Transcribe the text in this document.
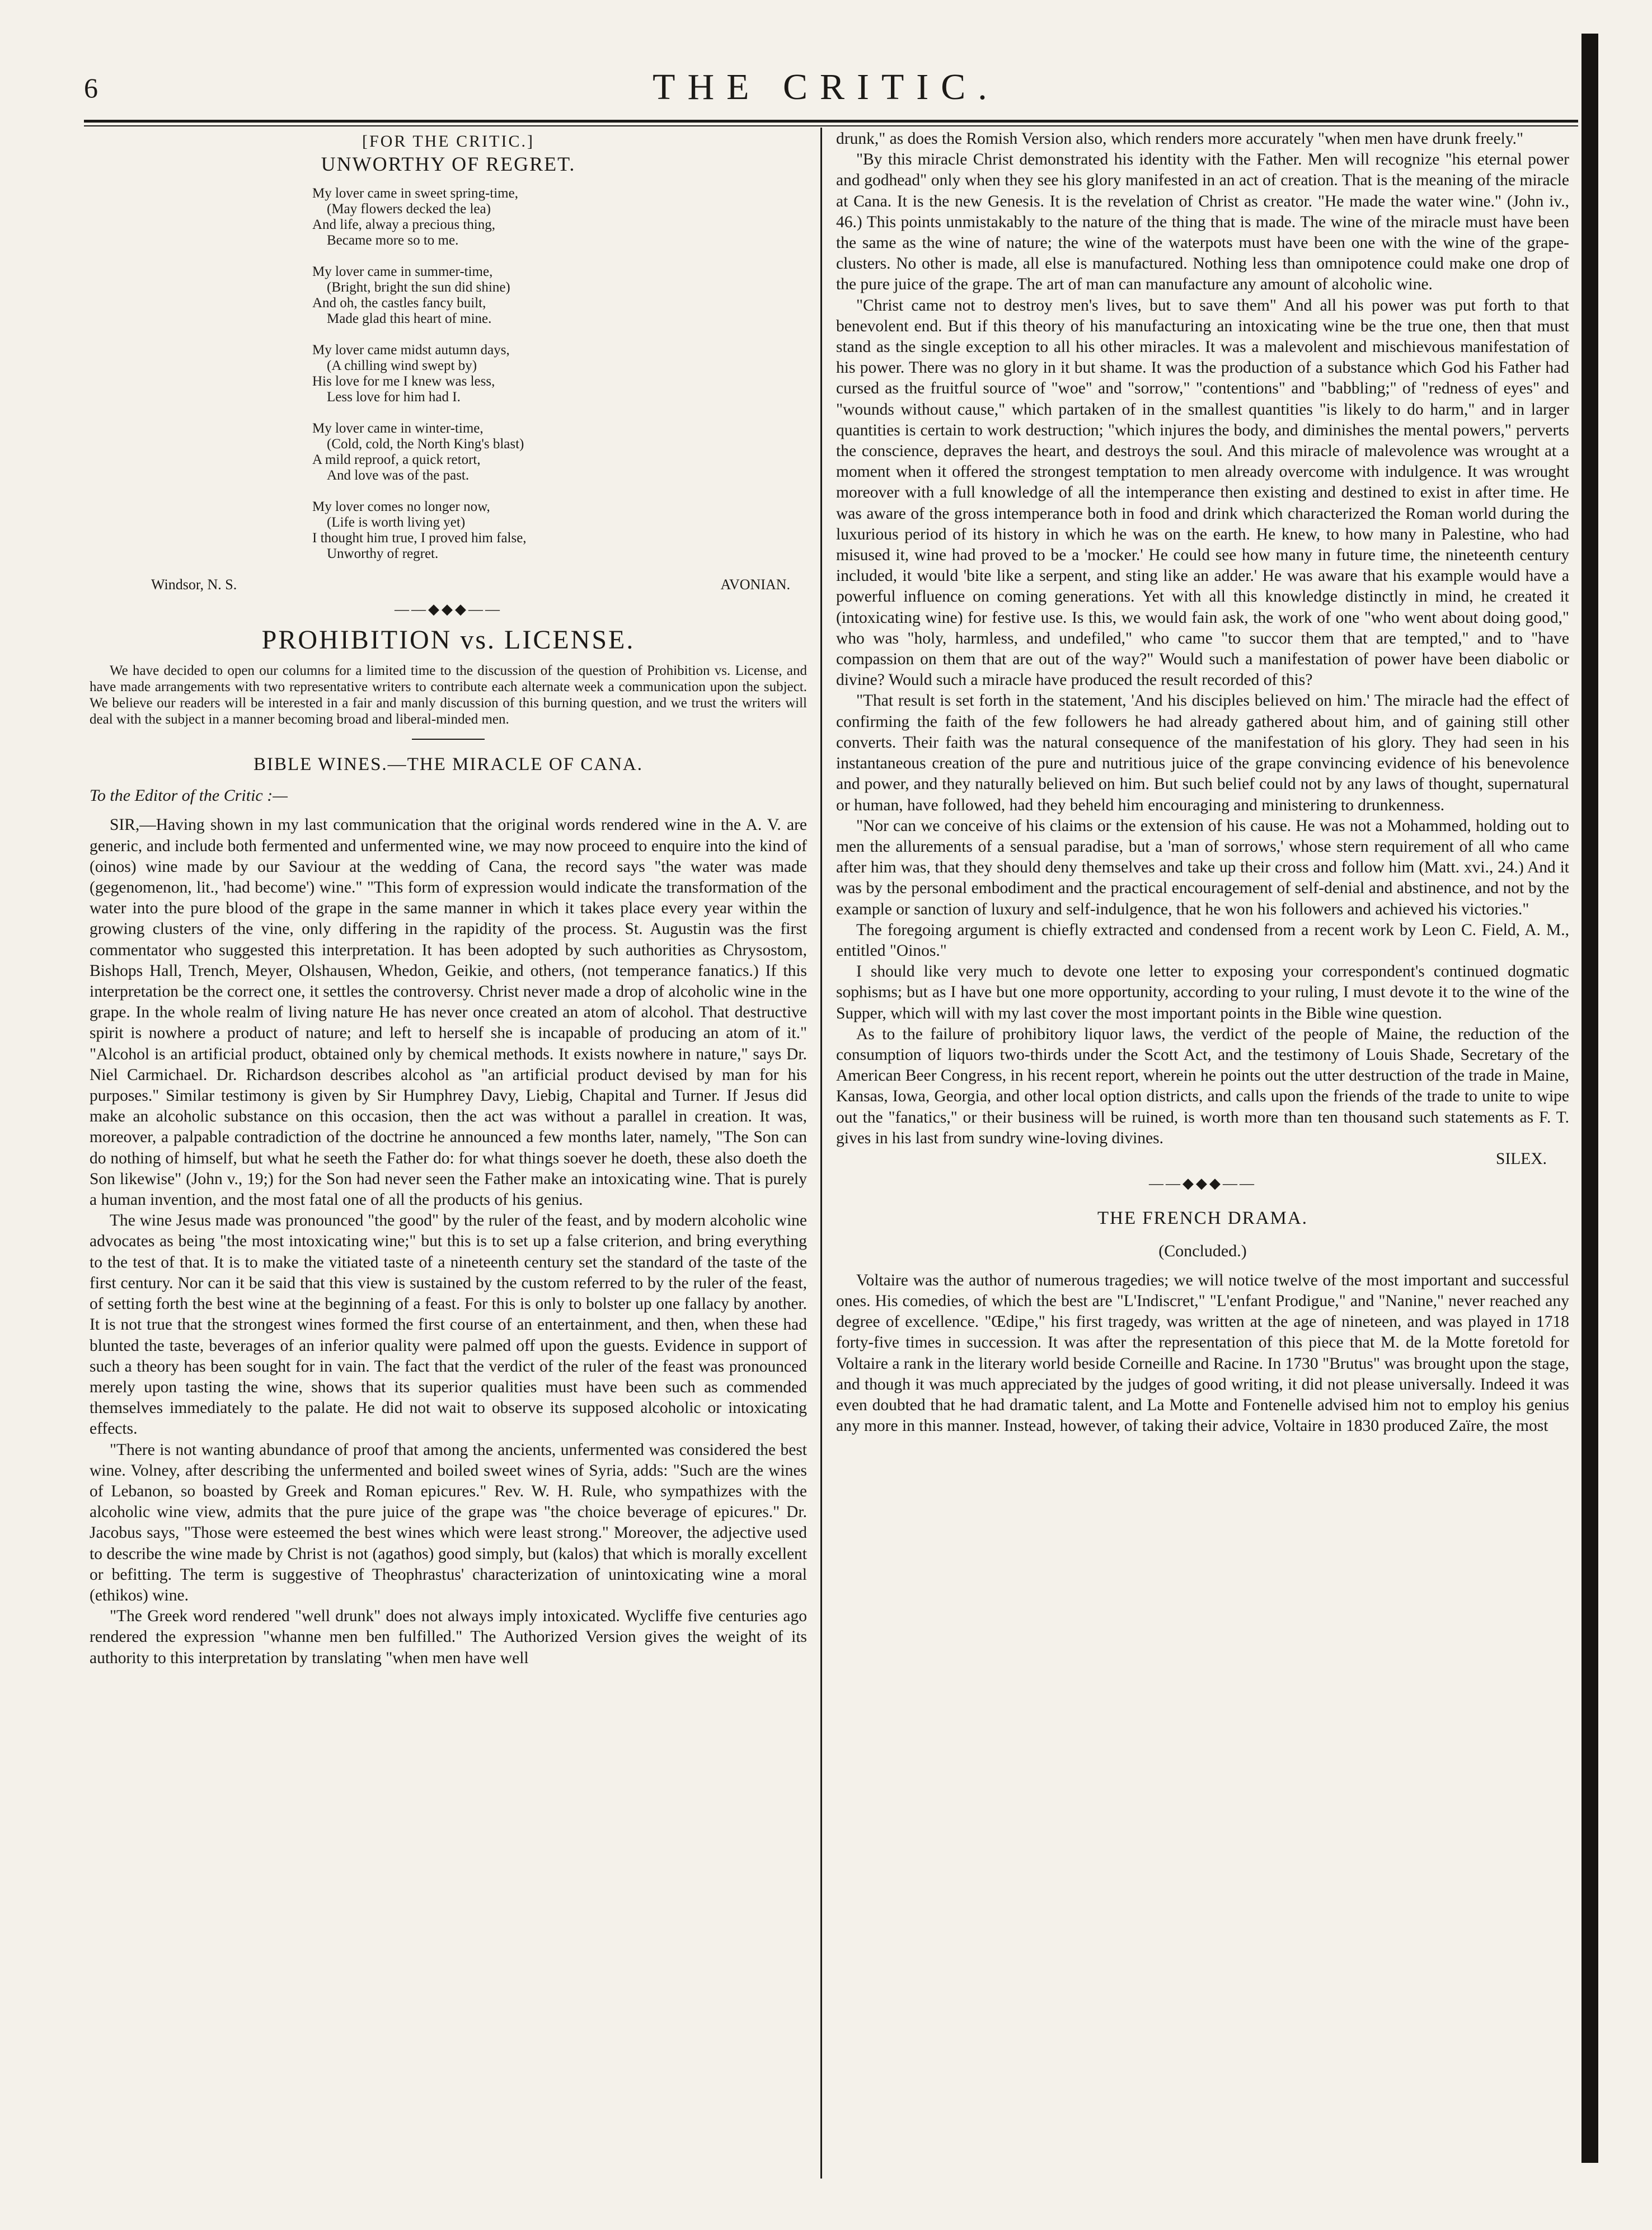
6	THE CRITIC.
[FOR THE CRITIC.]
UNWORTHY OF REGRET.
My lover came in sweet spring-time,
(May flowers decked the lea)
And life, alway a precious thing,
Became more so to me.
My lover came in summer-time,
(Bright, bright the sun did shine)
And oh, the castles fancy built,
Made glad this heart of mine.
My lover came midst autumn days,
(A chilling wind swept by)
His love for me I knew was less,
Less love for him had I.
My lover came in winter-time,
(Cold, cold, the North King's blast)
A mild reproof, a quick retort,
And love was of the past.
My lover comes no longer now,
(Life is worth living yet)
I thought him true, I proved him false,
Unworthy of regret.
Windsor, N. S.	AVONIAN.
——◆◆◆——
PROHIBITION vs. LICENSE.

We have decided to open our columns for a limited time to the discussion of the question of Prohibition vs. License, and have made arrangements with two representative writers to contribute each alternate week a communication upon the subject. We believe our readers will be interested in a fair and manly discussion of this burning question, and we trust the writers will deal with the subject in a manner becoming broad and liberal-minded men.

BIBLE WINES.—THE MIRACLE OF CANA.
To the Editor of the Critic :—

SIR,—Having shown in my last communication that the original words rendered wine in the A. V. are generic, and include both fermented and unfermented wine, we may now proceed to enquire into the kind of (oinos) wine made by our Saviour at the wedding of Cana, the record says "the water was made (gegenomenon, lit., 'had become') wine." "This form of expression would indicate the transformation of the water into the pure blood of the grape in the same manner in which it takes place every year within the growing clusters of the vine, only differing in the rapidity of the process. St. Augustin was the first commentator who suggested this interpretation. It has been adopted by such authorities as Chrysostom, Bishops Hall, Trench, Meyer, Olshausen, Whedon, Geikie, and others, (not temperance fanatics.) If this interpretation be the correct one, it settles the controversy. Christ never made a drop of alcoholic wine in the grape. In the whole realm of living nature He has never once created an atom of alcohol. That destructive spirit is nowhere a product of nature; and left to herself she is incapable of producing an atom of it." "Alcohol is an artificial product, obtained only by chemical methods. It exists nowhere in nature," says Dr. Niel Carmichael. Dr. Richardson describes alcohol as "an artificial product devised by man for his purposes." Similar testimony is given by Sir Humphrey Davy, Liebig, Chapital and Turner. If Jesus did make an alcoholic substance on this occasion, then the act was without a parallel in creation. It was, moreover, a palpable contradiction of the doctrine he announced a few months later, namely, "The Son can do nothing of himself, but what he seeth the Father do: for what things soever he doeth, these also doeth the Son likewise" (John v., 19;) for the Son had never seen the Father make an intoxicating wine. That is purely a human invention, and the most fatal one of all the products of his genius.

The wine Jesus made was pronounced "the good" by the ruler of the feast, and by modern alcoholic wine advocates as being "the most intoxicating wine;" but this is to set up a false criterion, and bring everything to the test of that. It is to make the vitiated taste of a nineteenth century set the standard of the taste of the first century. Nor can it be said that this view is sustained by the custom referred to by the ruler of the feast, of setting forth the best wine at the beginning of a feast. For this is only to bolster up one fallacy by another. It is not true that the strongest wines formed the first course of an entertainment, and then, when these had blunted the taste, beverages of an inferior quality were palmed off upon the guests. Evidence in support of such a theory has been sought for in vain. The fact that the verdict of the ruler of the feast was pronounced merely upon tasting the wine, shows that its superior qualities must have been such as commended themselves immediately to the palate. He did not wait to observe its supposed alcoholic or intoxicating effects.

"There is not wanting abundance of proof that among the ancients, unfermented was considered the best wine. Volney, after describing the unfermented and boiled sweet wines of Syria, adds: "Such are the wines of Lebanon, so boasted by Greek and Roman epicures." Rev. W. H. Rule, who sympathizes with the alcoholic wine view, admits that the pure juice of the grape was "the choice beverage of epicures." Dr. Jacobus says, "Those were esteemed the best wines which were least strong." Moreover, the adjective used to describe the wine made by Christ is not (agathos) good simply, but (kalos) that which is morally excellent or befitting. The term is suggestive of Theophrastus' characterization of unintoxicating wine a moral (ethikos) wine.

"The Greek word rendered "well drunk" does not always imply intoxicated. Wycliffe five centuries ago rendered the expression "whanne men ben fulfilled." The Authorized Version gives the weight of its authority to this interpretation by translating "when men have well

drunk," as does the Romish Version also, which renders more accurately "when men have drunk freely."

"By this miracle Christ demonstrated his identity with the Father. Men will recognize "his eternal power and godhead" only when they see his glory manifested in an act of creation. That is the meaning of the miracle at Cana. It is the new Genesis. It is the revelation of Christ as creator. "He made the water wine." (John iv., 46.) This points unmistakably to the nature of the thing that is made. The wine of the miracle must have been the same as the wine of nature; the wine of the waterpots must have been one with the wine of the grape-clusters. No other is made, all else is manufactured. Nothing less than omnipotence could make one drop of the pure juice of the grape. The art of man can manufacture any amount of alcoholic wine.

"Christ came not to destroy men's lives, but to save them" And all his power was put forth to that benevolent end. But if this theory of his manufacturing an intoxicating wine be the true one, then that must stand as the single exception to all his other miracles. It was a malevolent and mischievous manifestation of his power. There was no glory in it but shame. It was the production of a substance which God his Father had cursed as the fruitful source of "woe" and "sorrow," "contentions" and "babbling;" of "redness of eyes" and "wounds without cause," which partaken of in the smallest quantities "is likely to do harm," and in larger quantities is certain to work destruction; "which injures the body, and diminishes the mental powers," perverts the conscience, depraves the heart, and destroys the soul. And this miracle of malevolence was wrought at a moment when it offered the strongest temptation to men already overcome with indulgence. It was wrought moreover with a full knowledge of all the intemperance then existing and destined to exist in after time. He was aware of the gross intemperance both in food and drink which characterized the Roman world during the luxurious period of its history in which he was on the earth. He knew, to how many in Palestine, who had misused it, wine had proved to be a 'mocker.' He could see how many in future time, the nineteenth century included, it would 'bite like a serpent, and sting like an adder.' He was aware that his example would have a powerful influence on coming generations. Yet with all this knowledge distinctly in mind, he created it (intoxicating wine) for festive use. Is this, we would fain ask, the work of one "who went about doing good," who was "holy, harmless, and undefiled," who came "to succor them that are tempted," and to "have compassion on them that are out of the way?" Would such a manifestation of power have been diabolic or divine? Would such a miracle have produced the result recorded of this?

"That result is set forth in the statement, 'And his disciples believed on him.' The miracle had the effect of confirming the faith of the few followers he had already gathered about him, and of gaining still other converts. Their faith was the natural consequence of the manifestation of his glory. They had seen in his instantaneous creation of the pure and nutritious juice of the grape convincing evidence of his benevolence and power, and they naturally believed on him. But such belief could not by any laws of thought, supernatural or human, have followed, had they beheld him encouraging and ministering to drunkenness.

"Nor can we conceive of his claims or the extension of his cause. He was not a Mohammed, holding out to men the allurements of a sensual paradise, but a 'man of sorrows,' whose stern requirement of all who came after him was, that they should deny themselves and take up their cross and follow him (Matt. xvi., 24.) And it was by the personal embodiment and the practical encouragement of self-denial and abstinence, and not by the example or sanction of luxury and self-indulgence, that he won his followers and achieved his victories."

The foregoing argument is chiefly extracted and condensed from a recent work by Leon C. Field, A. M., entitled "Oinos."

I should like very much to devote one letter to exposing your correspondent's continued dogmatic sophisms; but as I have but one more opportunity, according to your ruling, I must devote it to the wine of the Supper, which will with my last cover the most important points in the Bible wine question.

As to the failure of prohibitory liquor laws, the verdict of the people of Maine, the reduction of the consumption of liquors two-thirds under the Scott Act, and the testimony of Louis Shade, Secretary of the American Beer Congress, in his recent report, wherein he points out the utter destruction of the trade in Maine, Kansas, Iowa, Georgia, and other local option districts, and calls upon the friends of the trade to unite to wipe out the "fanatics," or their business will be ruined, is worth more than ten thousand such statements as F. T. gives in his last from sundry wine-loving divines.

SILEX.
——◆◆◆——
THE FRENCH DRAMA.
(Concluded.)

Voltaire was the author of numerous tragedies; we will notice twelve of the most important and successful ones. His comedies, of which the best are "L'Indiscret," "L'enfant Prodigue," and "Nanine," never reached any degree of excellence. "Œdipe," his first tragedy, was written at the age of nineteen, and was played in 1718 forty-five times in succession. It was after the representation of this piece that M. de la Motte foretold for Voltaire a rank in the literary world beside Corneille and Racine. In 1730 "Brutus" was brought upon the stage, and though it was much appreciated by the judges of good writing, it did not please universally. Indeed it was even doubted that he had dramatic talent, and La Motte and Fontenelle advised him not to employ his genius any more in this manner. Instead, however, of taking their advice, Voltaire in 1830 produced Zaïre, the most
